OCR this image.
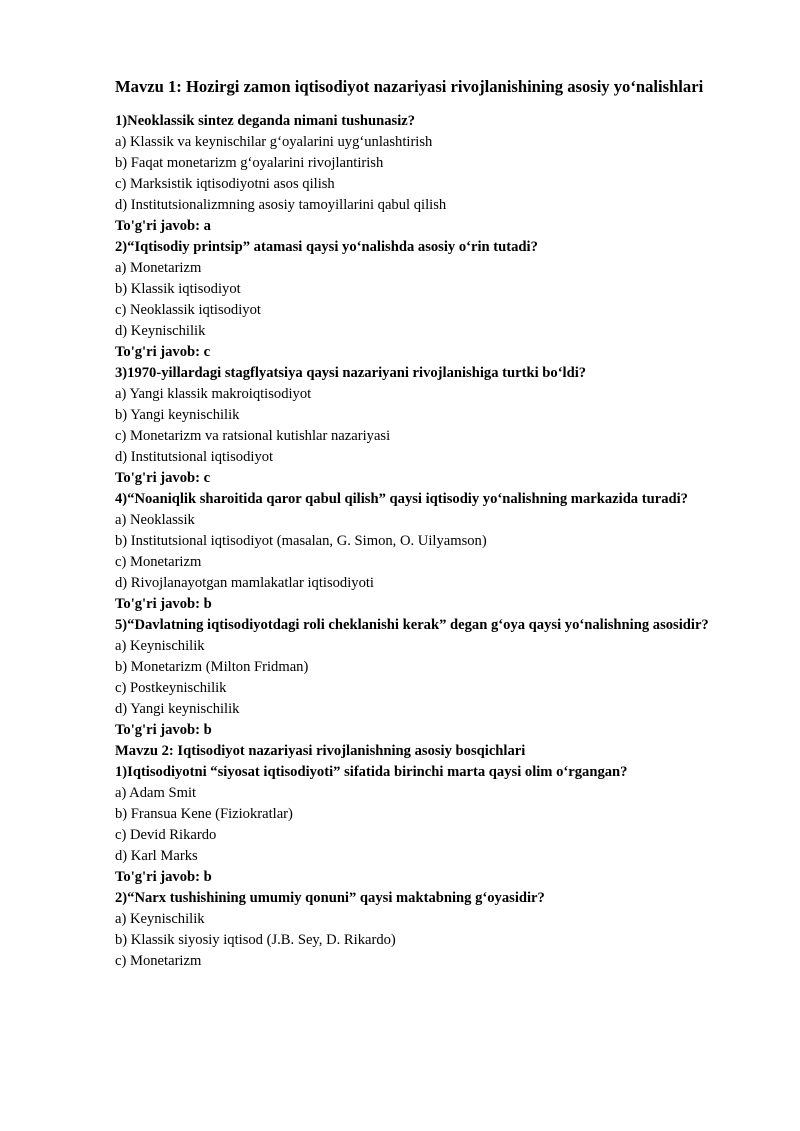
Mavzu 1: Hozirgi zamon iqtisodiyot nazariyasi rivojlanishining asosiy yo‘nalishlari
1)Neoklassik sintez deganda nimani tushunasiz?
a) Klassik va keynischilar g‘oyalarini uyg‘unlashtirish
b) Faqat monetarizm g‘oyalarini rivojlantirish
c) Marksistik iqtisodiyotni asos qilish
d) Institutsionalizmning asosiy tamoyillarini qabul qilish
To'g'ri javob: a
2)“Iqtisodiy printsip” atamasi qaysi yo‘nalishda asosiy o‘rin tutadi?
a) Monetarizm
b) Klassik iqtisodiyot
c) Neoklassik iqtisodiyot
d) Keynischilik
To'g'ri javob: c
3)1970-yillardagi stagflyatsiya qaysi nazariyani rivojlanishiga turtki bo‘ldi?
a) Yangi klassik makroiqtisodiyot
b) Yangi keynischilik
c) Monetarizm va ratsional kutishlar nazariyasi
d) Institutsional iqtisodiyot
To'g'ri javob: c
4)“Noaniqlik sharoitida qaror qabul qilish” qaysi iqtisodiy yo‘nalishning markazida turadi?
a) Neoklassik
b) Institutsional iqtisodiyot (masalan, G. Simon, O. Uilyamson)
c) Monetarizm
d) Rivojlanayotgan mamlakatlar iqtisodiyoti
To'g'ri javob: b
5)“Davlatning iqtisodiyotdagi roli cheklanishi kerak” degan g‘oya qaysi yo‘nalishning asosidir?
a) Keynischilik
b) Monetarizm (Milton Fridman)
c) Postkeynischilik
d) Yangi keynischilik
To'g'ri javob: b
Mavzu 2: Iqtisodiyot nazariyasi rivojlanishning asosiy bosqichlari
1)Iqtisodiyotni “siyosat iqtisodiyoti” sifatida birinchi marta qaysi olim o‘rgangan?
a) Adam Smit
b) Fransua Kene (Fiziokratlar)
c) Devid Rikardo
d) Karl Marks
To'g'ri javob: b
2)“Narx tushishining umumiy qonuni” qaysi maktabning g‘oyasidir?
a) Keynischilik
b) Klassik siyosiy iqtisod (J.B. Sey, D. Rikardo)
c) Monetarizm
